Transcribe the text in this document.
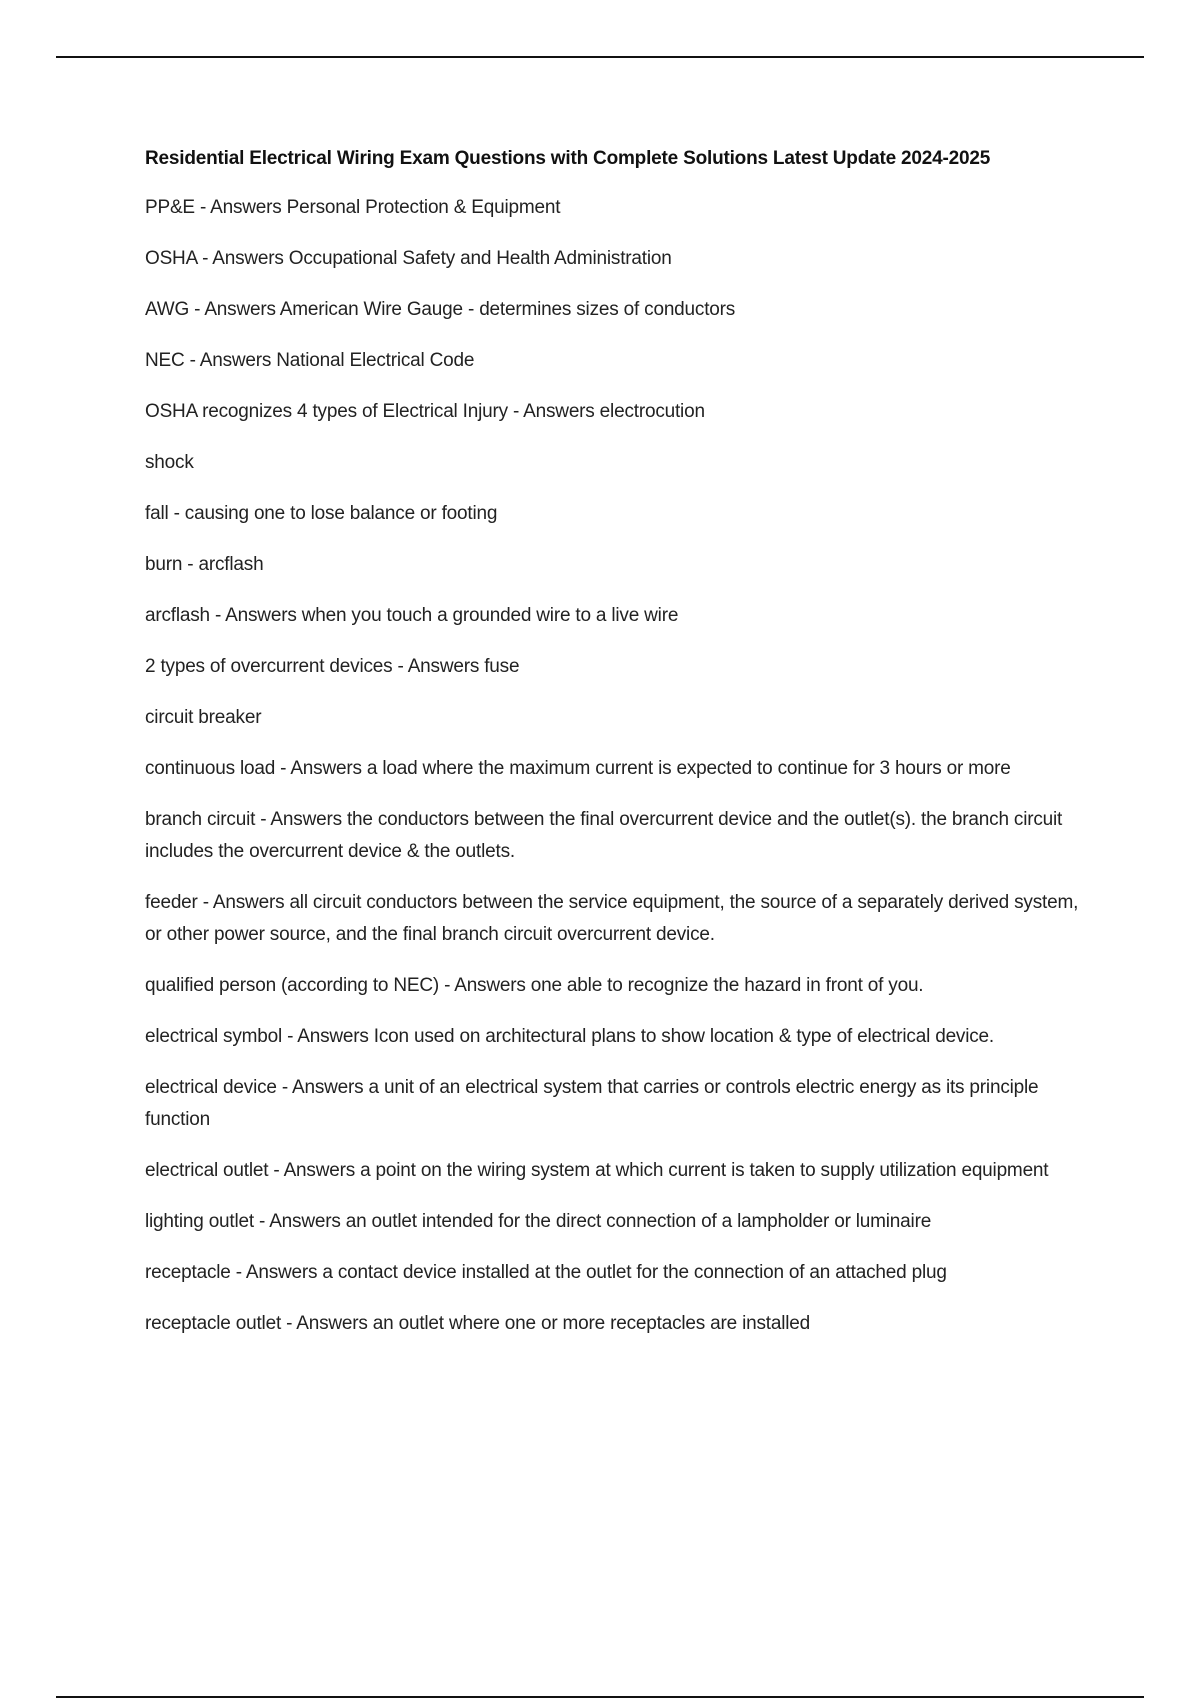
Residential Electrical Wiring Exam Questions with Complete Solutions Latest Update 2024-2025

PP&E - Answers Personal Protection & Equipment

OSHA - Answers Occupational Safety and Health Administration

AWG - Answers American Wire Gauge - determines sizes of conductors

NEC - Answers National Electrical Code

OSHA recognizes 4 types of Electrical Injury - Answers electrocution

shock

fall - causing one to lose balance or footing

burn - arcflash

arcflash - Answers when you touch a grounded wire to a live wire

2 types of overcurrent devices - Answers fuse

circuit breaker

continuous load - Answers a load where the maximum current is expected to continue for 3 hours or more

branch circuit - Answers the conductors between the final overcurrent device and the outlet(s). the branch circuit includes the overcurrent device & the outlets.

feeder - Answers all circuit conductors between the service equipment, the source of a separately derived system, or other power source, and the final branch circuit overcurrent device.

qualified person (according to NEC) - Answers one able to recognize the hazard in front of you.

electrical symbol - Answers Icon used on architectural plans to show location & type of electrical device.

electrical device - Answers a unit of an electrical system that carries or controls electric energy as its principle function

electrical outlet - Answers a point on the wiring system at which current is taken to supply utilization equipment

lighting outlet - Answers an outlet intended for the direct connection of a lampholder or luminaire

receptacle - Answers a contact device installed at the outlet for the connection of an attached plug

receptacle outlet - Answers an outlet where one or more receptacles are installed
